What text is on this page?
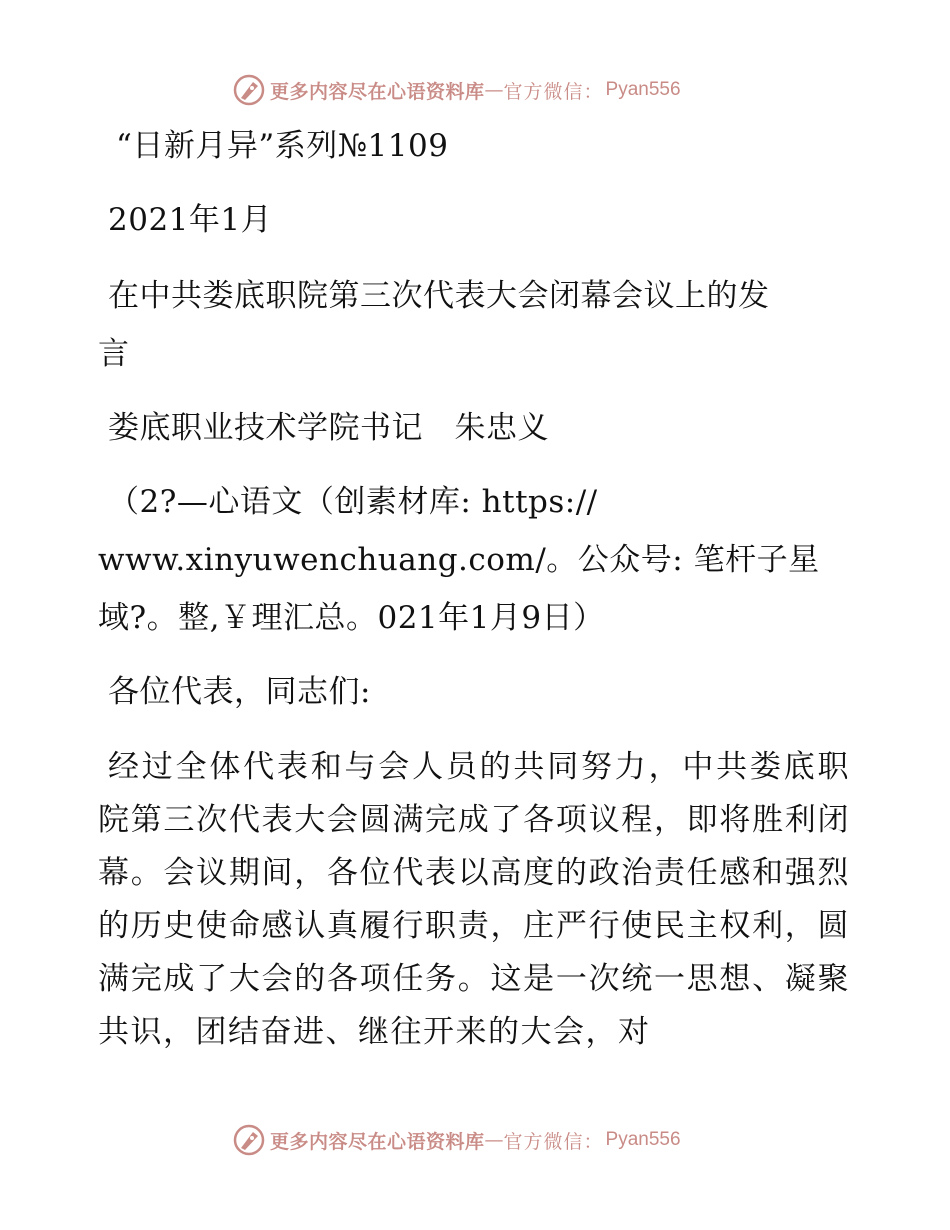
更多内容尽在心语资料库 — 官方微信： Pyan556
“日新月异”系列№1109
2021年1月
在中共娄底职院第三次代表大会闭幕会议上的发
言
娄底职业技术学院书记　朱忠义
（2?—心语文（创素材库: https://
www.xinyuwenchuang.com/。公众号: 笔杆子星
域?。整,￥理汇总。021年1月9日）
各位代表，同志们:
经过全体代表和与会人员的共同努力，中共娄底职院第三次代表大会圆满完成了各项议程，即将胜利闭幕。会议期间，各位代表以高度的政治责任感和强烈的历史使命感认真履行职责，庄严行使民主权利，圆满完成了大会的各项任务。这是一次统一思想、凝聚共识，团结奋进、继往开来的大会，对
更多内容尽在心语资料库 — 官方微信： Pyan556
